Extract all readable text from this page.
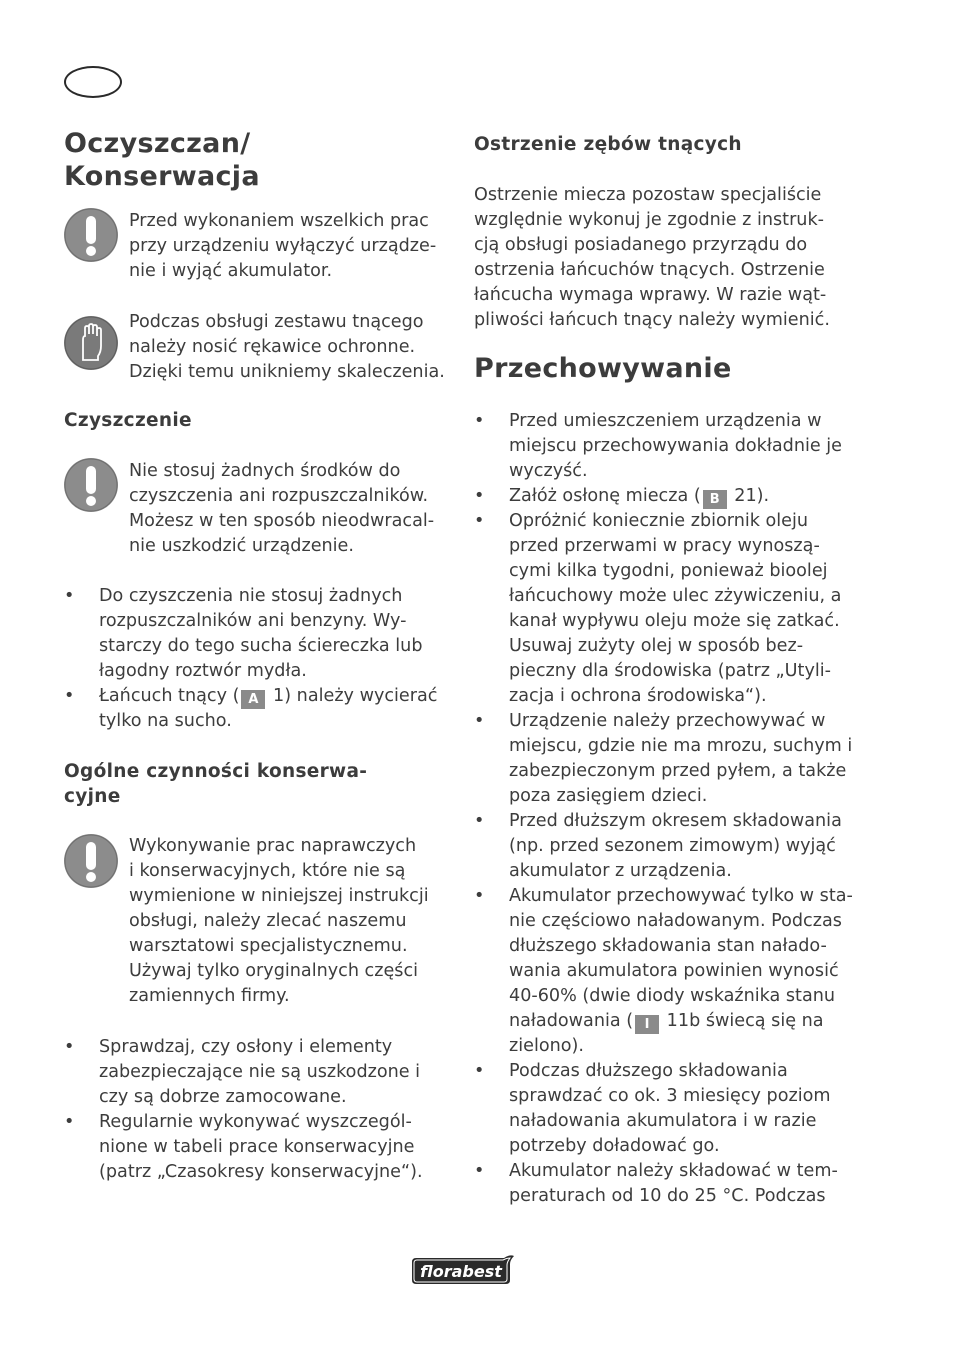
Oczyszczan/
Konserwacja
Przed wykonaniem wszelkich prac
przy urządzeniu wyłączyć urządze-
nie i wyjąć akumulator.
Podczas obsługi zestawu tnącego
należy nosić rękawice ochronne.
Dzięki temu unikniemy skaleczenia.
Czyszczenie
Nie stosuj żadnych środków do
czyszczenia ani rozpuszczalników.
Możesz w ten sposób nieodwracal-
nie uszkodzić urządzenie.
• Do czyszczenia nie stosuj żadnych
rozpuszczalników ani benzyny. Wy-
starczy do tego sucha ściereczka lub
łagodny roztwór mydła.
• Łańcuch tnący ( A 1) należy wycierać
tylko na sucho.
Ogólne czynności konserwa-
cyjne
Wykonywanie prac naprawczych
i konserwacyjnych, które nie są
wymienione w niniejszej instrukcji
obsługi, należy zlecać naszemu
warsztatowi specjalistycznemu.
Używaj tylko oryginalnych części
zamiennych firmy.
• Sprawdzaj, czy osłony i elementy
zabezpieczające nie są uszkodzone i
czy są dobrze zamocowane.
• Regularnie wykonywać wyszczegól-
nione w tabeli prace konserwacyjne
(patrz „Czasokresy konserwacyjne“).
Ostrzenie zębów tnących
Ostrzenie miecza pozostaw specjaliście
względnie wykonuj je zgodnie z instruk-
cją obsługi posiadanego przyrządu do
ostrzenia łańcuchów tnących. Ostrzenie
łańcucha wymaga wprawy. W razie wąt-
pliwości łańcuch tnący należy wymienić.
Przechowywanie
• Przed umieszczeniem urządzenia w
miejscu przechowywania dokładnie je
wyczyść.
• Załóż osłonę miecza ( B 21).
• Opróżnić koniecznie zbiornik oleju
przed przerwami w pracy wynoszą-
cymi kilka tygodni, ponieważ bioolej
łańcuchowy może ulec zżywiczeniu, a
kanał wypływu oleju może się zatkać.
Usuwaj zużyty olej w sposób bez-
pieczny dla środowiska (patrz „Utyli-
zacja i ochrona środowiska“).
• Urządzenie należy przechowywać w
miejscu, gdzie nie ma mrozu, suchym i
zabezpieczonym przed pyłem, a także
poza zasięgiem dzieci.
• Przed dłuższym okresem składowania
(np. przed sezonem zimowym) wyjąć
akumulator z urządzenia.
• Akumulator przechowywać tylko w sta-
nie częściowo naładowanym. Podczas
dłuższego składowania stan nałado-
wania akumulatora powinien wynosić
40-60% (dwie diody wskaźnika stanu
naładowania ( I 11b świecą się na
zielono).
• Podczas dłuższego składowania
sprawdzać co ok. 3 miesięcy poziom
naładowania akumulatora i w razie
potrzeby doładować go.
• Akumulator należy składować w tem-
peraturach od 10 do 25 °C. Podczas
florabest
